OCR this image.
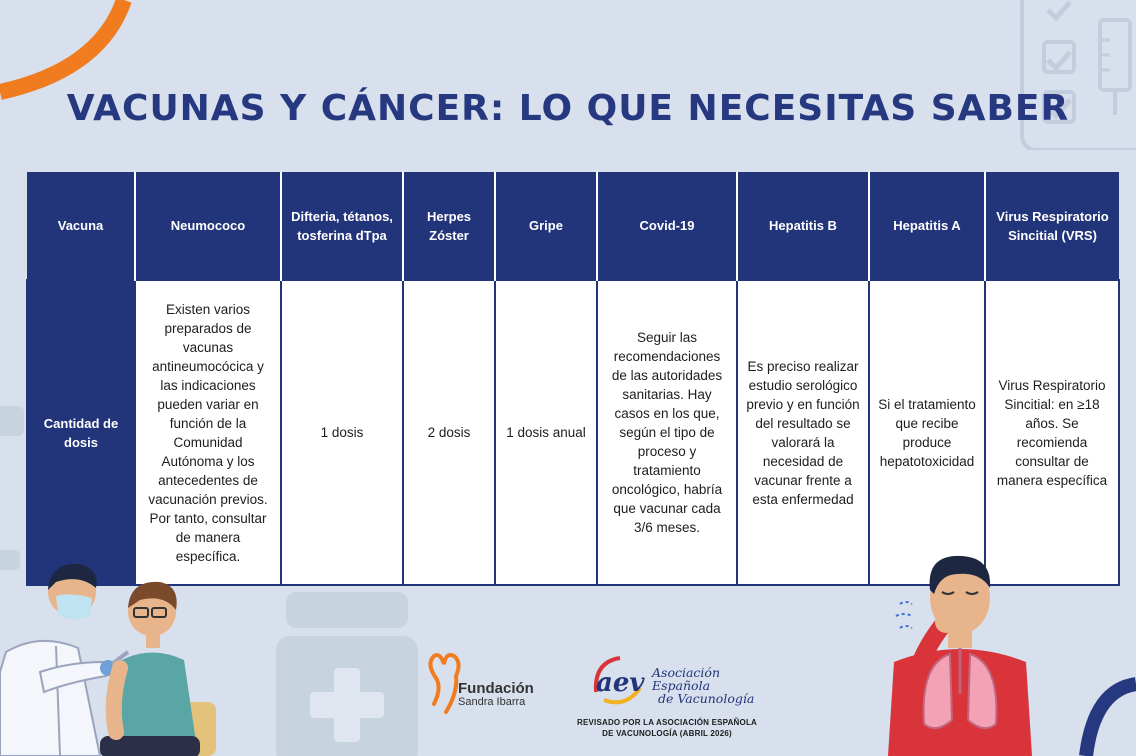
VACUNAS Y CÁNCER: LO QUE NECESITAS SABER
Vacuna	Neumococo	Difteria, tétanos, tosferina dTpa	Herpes Zóster	Gripe	Covid-19	Hepatitis B	Hepatitis A	Virus Respiratorio Sincitial (VRS)
Cantidad de dosis	Existen varios preparados de vacunas antineumocócica y las indicaciones pueden variar en función de la Comunidad Autónoma y los antecedentes de vacunación previos. Por tanto, consultar de manera específica.	1 dosis	2 dosis	1 dosis anual	Seguir las recomendaciones de las autoridades sanitarias. Hay casos en los que, según el tipo de proceso y tratamiento oncológico, habría que vacunar cada 3/6 meses.	Es preciso realizar estudio serológico previo y en función del resultado se valorará la necesidad de vacunar frente a esta enfermedad	Si el tratamiento que recibe produce hepatotoxicidad	Virus Respiratorio Sincitial: en ≥18 años. Se recomienda consultar de manera específica
Fundación
Sandra Ibarra
aev Asociación
Española
de Vacunología
REVISADO POR LA ASOCIACIÓN ESPAÑOLA DE VACUNOLOGÍA (ABRIL 2026)
